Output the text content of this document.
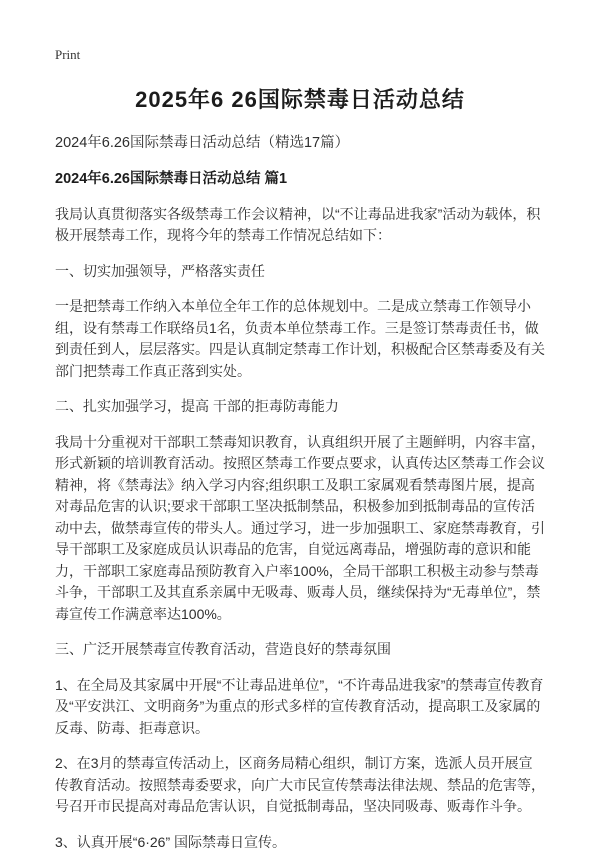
Print
2025年6 26国际禁毒日活动总结

2024年6.26国际禁毒日活动总结（精选17篇）

2024年6.26国际禁毒日活动总结 篇1

我局认真贯彻落实各级禁毒工作会议精神，以“不让毒品进我家”活动为载体，积极开展禁毒工作，现将今年的禁毒工作情况总结如下：

一、切实加强领导，严格落实责任

一是把禁毒工作纳入本单位全年工作的总体规划中。二是成立禁毒工作领导小组，设有禁毒工作联络员1名，负责本单位禁毒工作。三是签订禁毒责任书，做到责任到人，层层落实。四是认真制定禁毒工作计划，积极配合区禁毒委及有关部门把禁毒工作真正落到实处。

二、扎实加强学习，提高 干部的拒毒防毒能力

我局十分重视对干部职工禁毒知识教育，认真组织开展了主题鲜明，内容丰富，形式新颖的培训教育活动。按照区禁毒工作要点要求，认真传达区禁毒工作会议精神，将《禁毒法》纳入学习内容;组织职工及职工家属观看禁毒图片展，提高对毒品危害的认识;要求干部职工坚决抵制禁品，积极参加到抵制毒品的宣传活动中去，做禁毒宣传的带头人。通过学习，进一步加强职工、家庭禁毒教育，引导干部职工及家庭成员认识毒品的危害，自觉远离毒品，增强防毒的意识和能力，干部职工家庭毒品预防教育入户率100%，全局干部职工积极主动参与禁毒斗争，干部职工及其直系亲属中无吸毒、贩毒人员，继续保持为“无毒单位”，禁毒宣传工作满意率达100%。

三、广泛开展禁毒宣传教育活动，营造良好的禁毒氛围

1、在全局及其家属中开展“不让毒品进单位”，“不许毒品进我家”的禁毒宣传教育及“平安洪江、文明商务”为重点的形式多样的宣传教育活动，提高职工及家属的反毒、防毒、拒毒意识。

2、在3月的禁毒宣传活动上，区商务局精心组织，制订方案，选派人员开展宣传教育活动。按照禁毒委要求，向广大市民宣传禁毒法律法规、禁品的危害等，号召开市民提高对毒品危害认识，自觉抵制毒品，坚决同吸毒、贩毒作斗争。

3、认真开展“6·26” 国际禁毒日宣传。
